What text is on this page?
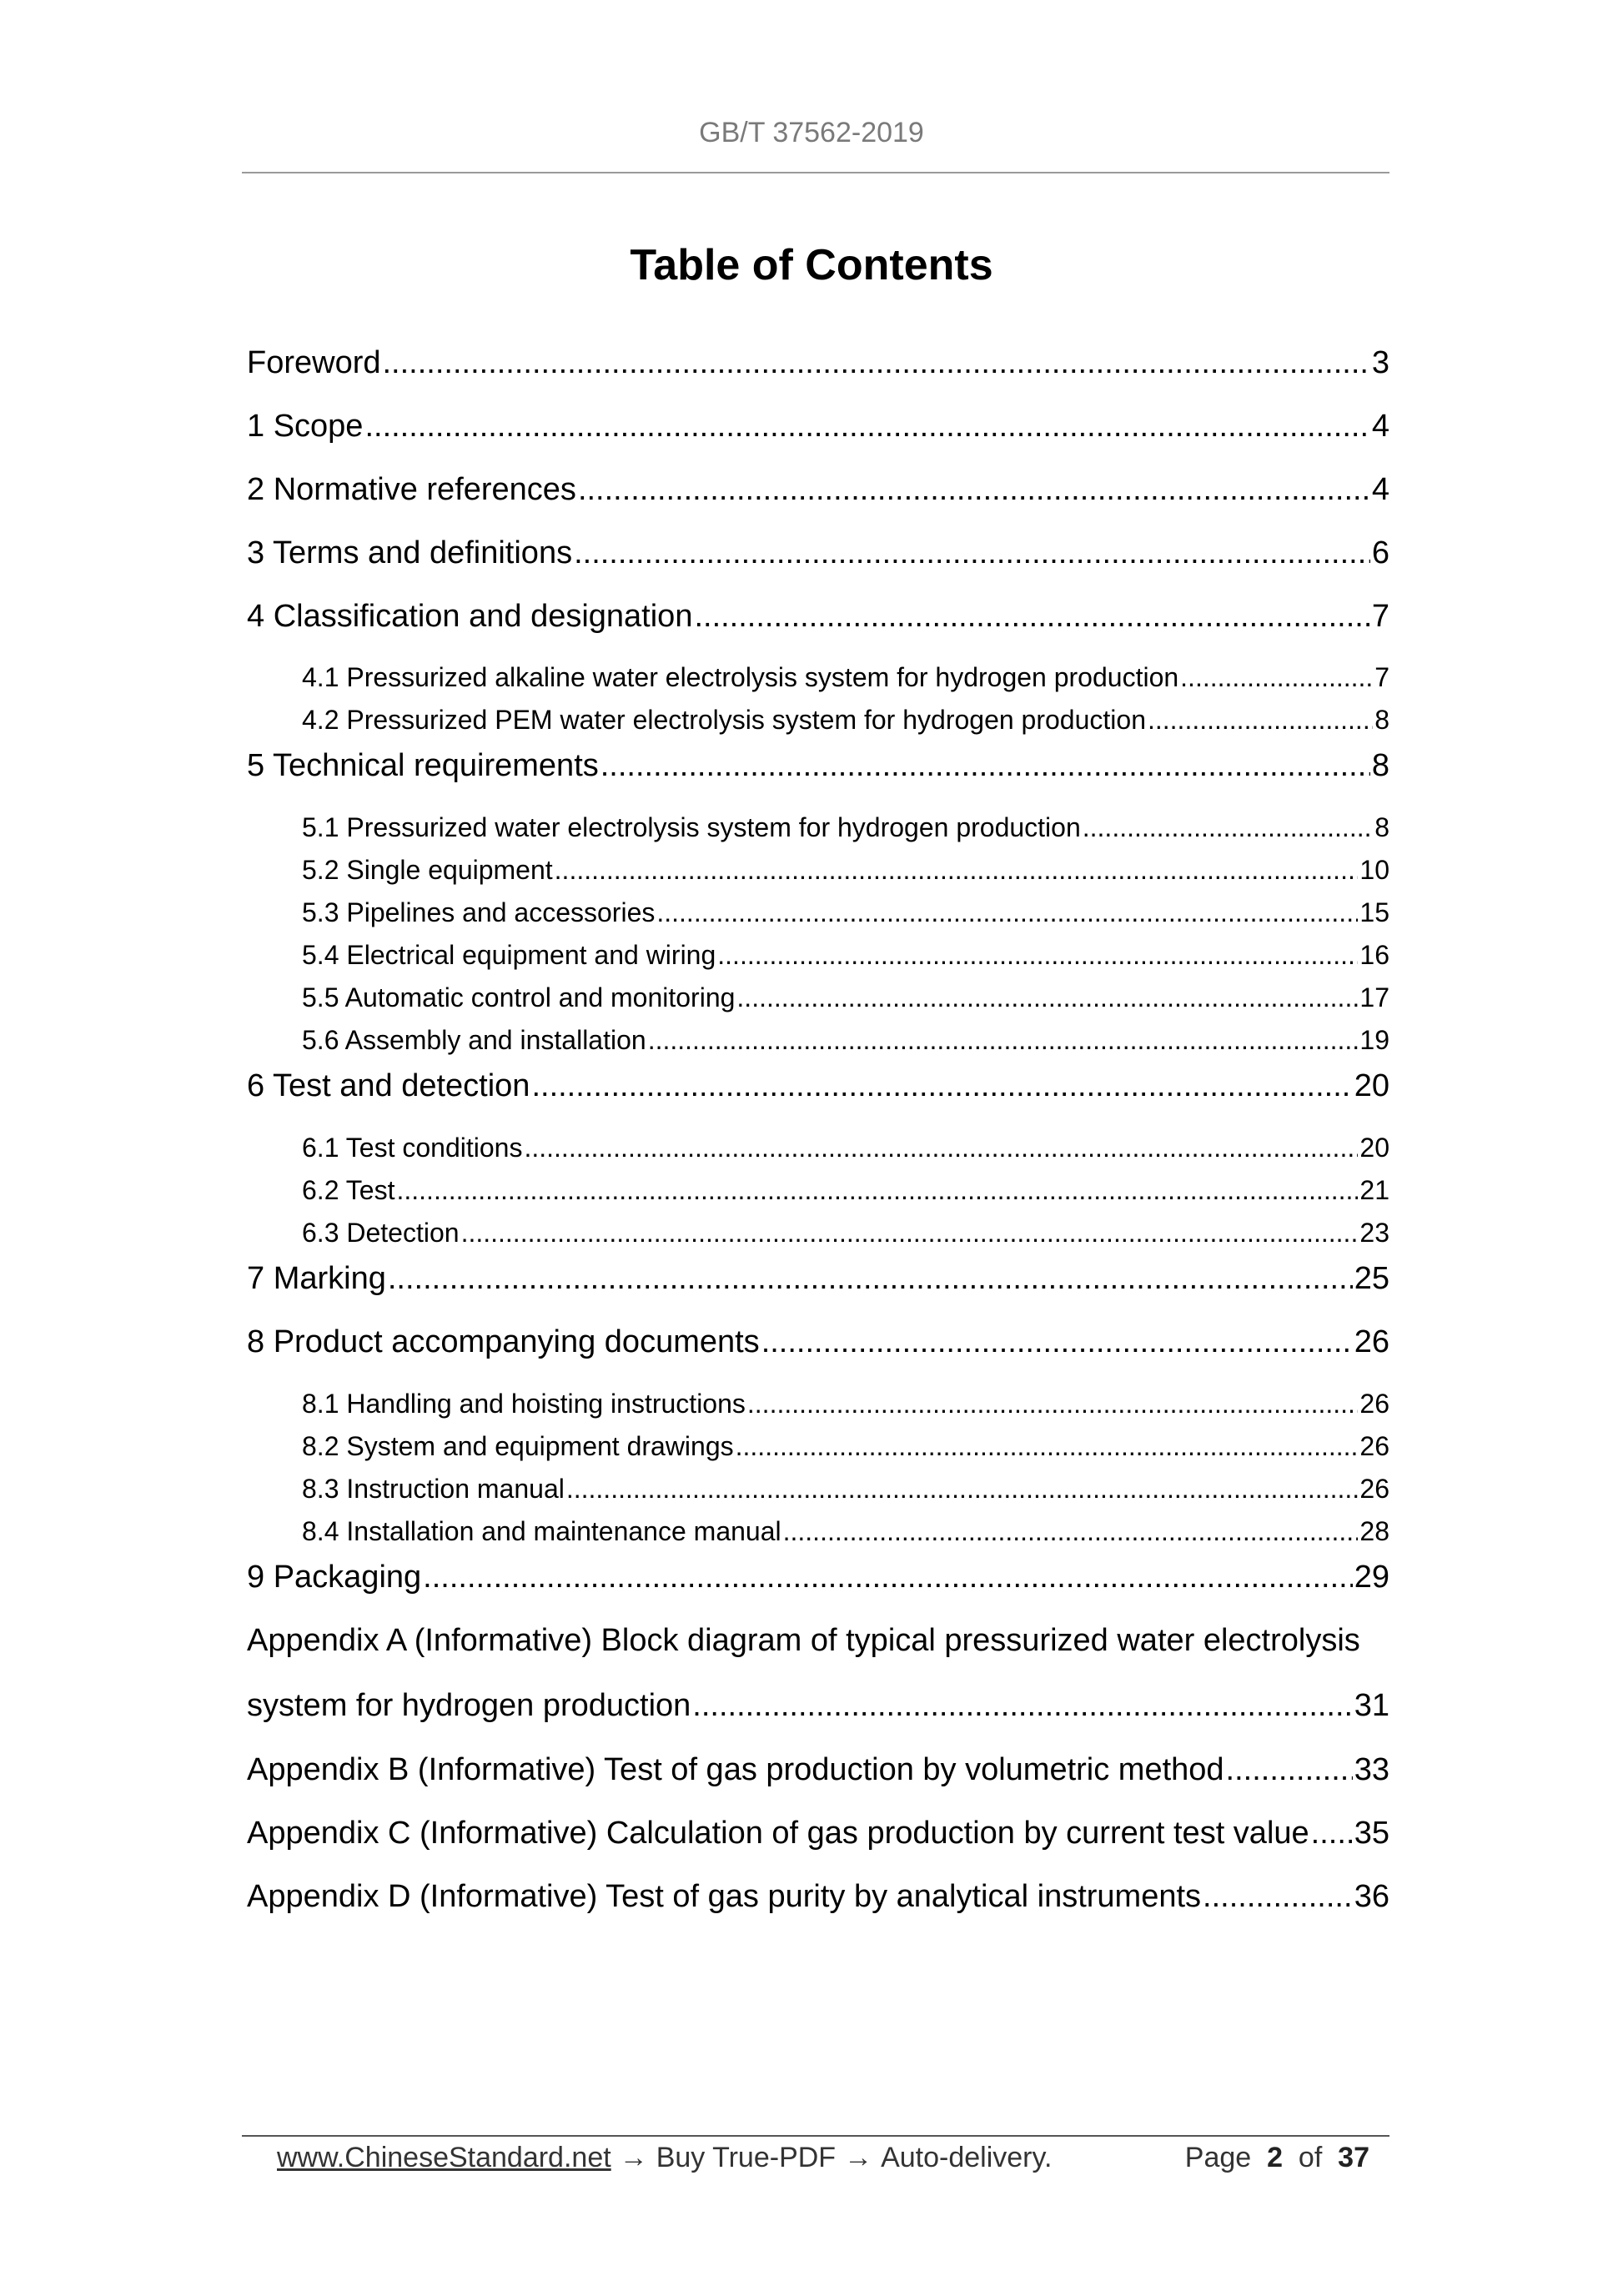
GB/T 37562-2019
Table of Contents
Foreword .....	3
1 Scope .....	4
2 Normative references .....	4
3 Terms and definitions .....	6
4 Classification and designation .....	7
4.1 Pressurized alkaline water electrolysis system for hydrogen production .....	7
4.2 Pressurized PEM water electrolysis system for hydrogen production .....	8
5 Technical requirements .....	8
5.1 Pressurized water electrolysis system for hydrogen production .....	8
5.2 Single equipment .....	10
5.3 Pipelines and accessories .....	15
5.4 Electrical equipment and wiring .....	16
5.5 Automatic control and monitoring .....	17
5.6 Assembly and installation .....	19
6 Test and detection .....	20
6.1 Test conditions .....	20
6.2 Test .....	21
6.3 Detection .....	23
7 Marking .....	25
8 Product accompanying documents .....	26
8.1 Handling and hoisting instructions .....	26
8.2 System and equipment drawings .....	26
8.3 Instruction manual .....	26
8.4 Installation and maintenance manual .....	28
9 Packaging .....	29
Appendix A (Informative) Block diagram of typical pressurized water electrolysis
system for hydrogen production .....	31
Appendix B (Informative) Test of gas production by volumetric method .....	33
Appendix C (Informative) Calculation of gas production by current test value ..... 35
Appendix D (Informative) Test of gas purity by analytical instruments .....	36
www.ChineseStandard.net → Buy True-PDF → Auto-delivery.	Page 2 of 37
